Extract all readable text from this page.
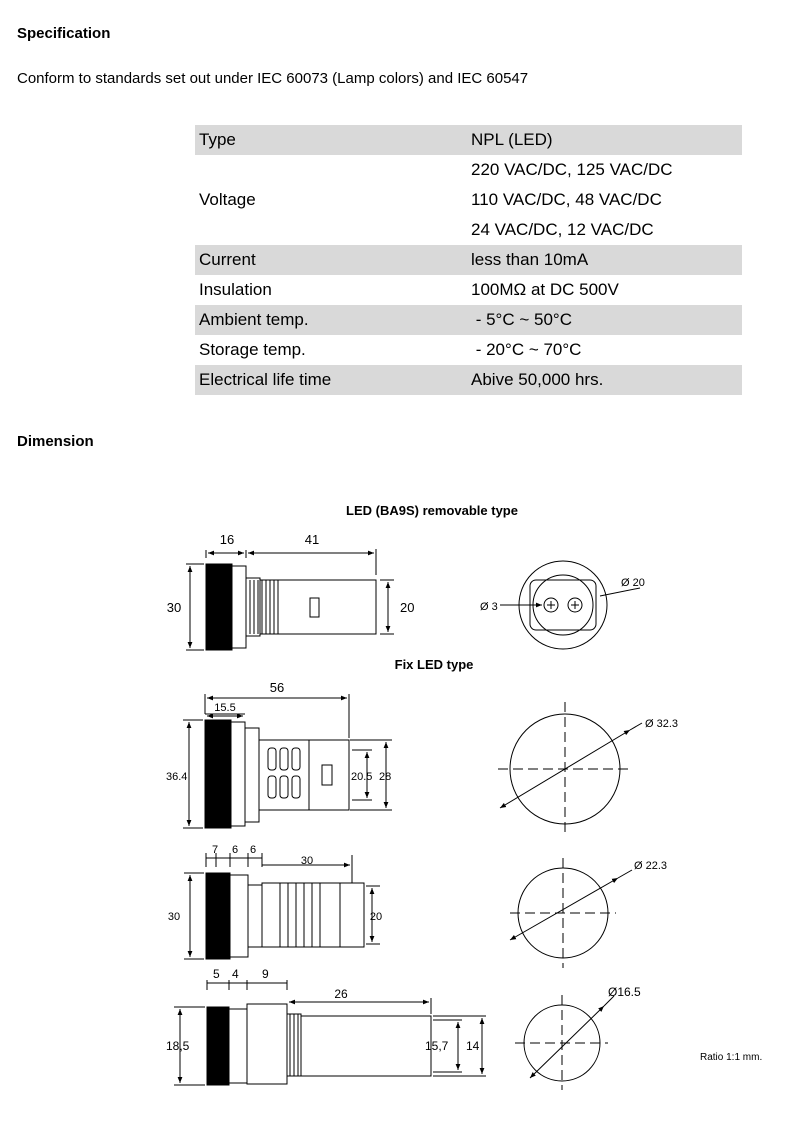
Specification
Conform to standards set out under IEC 60073 (Lamp colors) and IEC 60547
Type	NPL (LED)
Voltage	220 VAC/DC, 125 VAC/DC
	110 VAC/DC, 48 VAC/DC
	24 VAC/DC, 12 VAC/DC
Current	less than 10mA
Insulation	100MΩ at DC 500V
Ambient temp.	- 5°C ~ 50°C
Storage temp.	- 20°C ~ 70°C
Electrical life time	Abive 50,000 hrs.
Dimension
LED (BA9S) removable type
Fix LED type
16	41
30	20	Ø 3
Ø 20
56
15.5
36.4	20.5 28
Ø 32.3
7 6 6
30
30	20
Ø 22.3
5 4 9
26
18,5	15,7 14
Ø16.5
Ratio 1:1 mm.
